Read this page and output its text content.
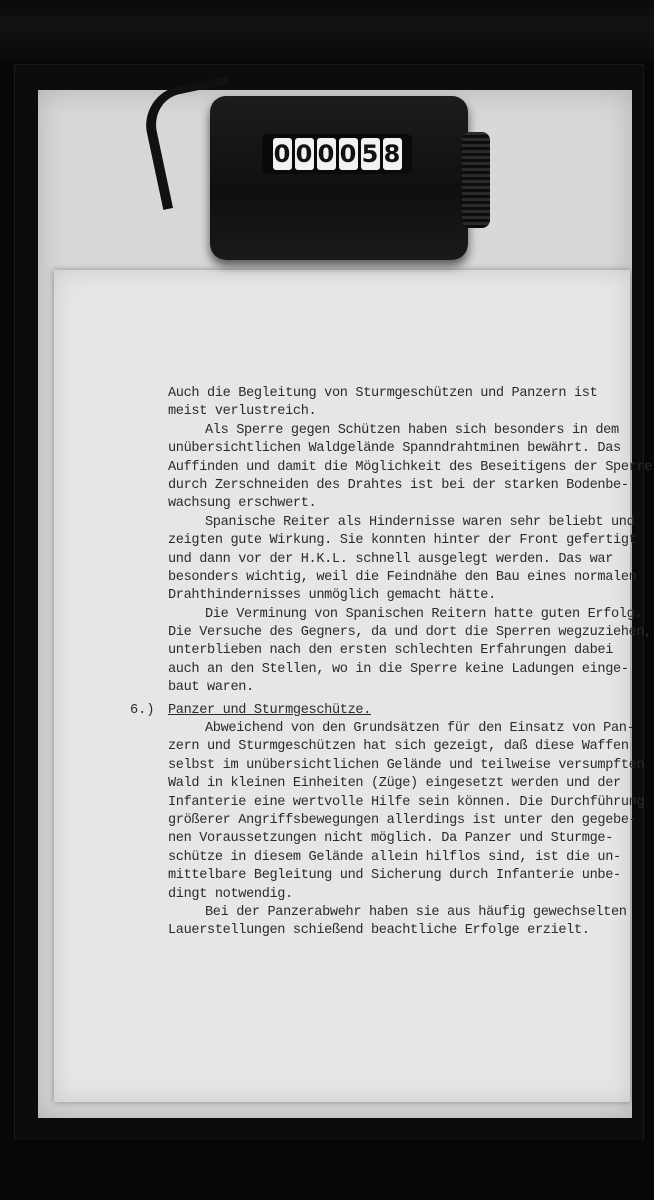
0 0 0 0 5 8
Auch die Begleitung von Sturmgeschützen und Panzern ist
meist verlustreich.
Als Sperre gegen Schützen haben sich besonders in dem
unübersichtlichen Waldgelände Spanndrahtminen bewährt. Das
Auffinden und damit die Möglichkeit des Beseitigens der Sperre
durch Zerschneiden des Drahtes ist bei der starken Bodenbe-
wachsung erschwert.
Spanische Reiter als Hindernisse waren sehr beliebt und
zeigten gute Wirkung. Sie konnten hinter der Front gefertigt
und dann vor der H.K.L. schnell ausgelegt werden. Das war
besonders wichtig, weil die Feindnähe den Bau eines normalen
Drahthindernisses unmöglich gemacht hätte.
Die Verminung von Spanischen Reitern hatte guten Erfolg.
Die Versuche des Gegners, da und dort die Sperren wegzuziehen,
unterblieben nach den ersten schlechten Erfahrungen dabei
auch an den Stellen, wo in die Sperre keine Ladungen einge-
baut waren.
Panzer und Sturmgeschütze.
Abweichend von den Grundsätzen für den Einsatz von Pan-
zern und Sturmgeschützen hat sich gezeigt, daß diese Waffen
selbst im unübersichtlichen Gelände und teilweise versumpften
Wald in kleinen Einheiten (Züge) eingesetzt werden und der
Infanterie eine wertvolle Hilfe sein können. Die Durchführung
größerer Angriffsbewegungen allerdings ist unter den gegebe-
nen Voraussetzungen nicht möglich. Da Panzer und Sturmge-
schütze in diesem Gelände allein hilflos sind, ist die un-
mittelbare Begleitung und Sicherung durch Infanterie unbe-
dingt notwendig.
Bei der Panzerabwehr haben sie aus häufig gewechselten
Lauerstellungen schießend beachtliche Erfolge erzielt.
6.)
